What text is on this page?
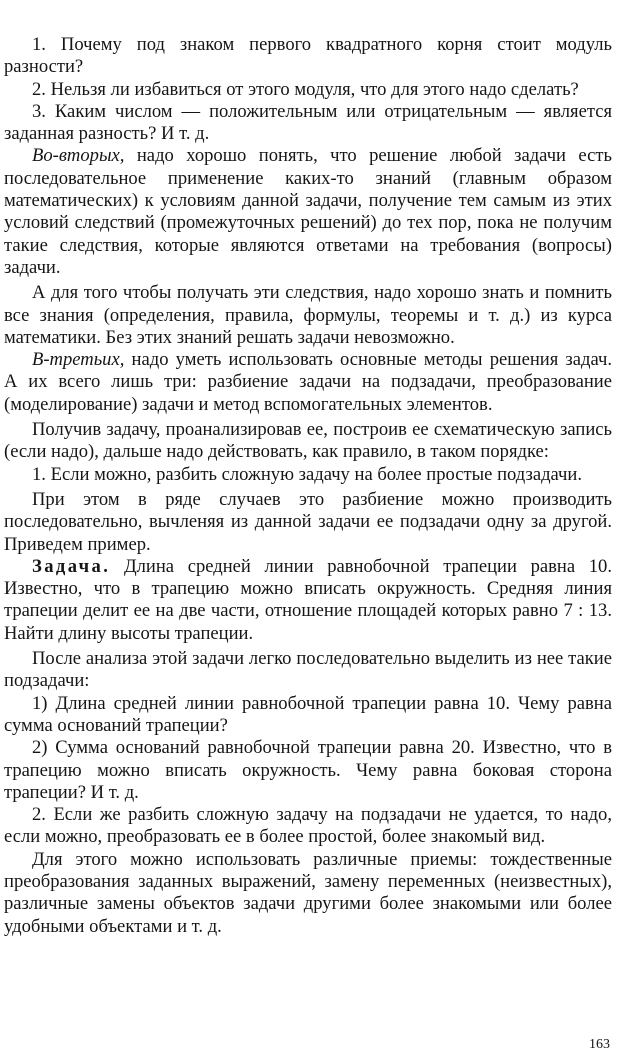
1. Почему под знаком первого квадратного корня стоит модуль разности?

2. Нельзя ли избавиться от этого модуля, что для этого надо сделать?

3. Каким числом — положительным или отрицательным — является заданная разность? И т. д.

Во-вторых, надо хорошо понять, что решение любой задачи есть последовательное применение каких-то знаний (главным образом математических) к условиям данной задачи, получение тем самым из этих условий следствий (промежуточных решений) до тех пор, пока не получим такие следствия, которые являются ответами на требования (вопросы) задачи.

А для того чтобы получать эти следствия, надо хорошо знать и помнить все знания (определения, правила, формулы, теоремы и т. д.) из курса математики. Без этих знаний решать задачи невозможно.

В-третьих, надо уметь использовать основные методы решения задач. А их всего лишь три: разбиение задачи на подзадачи, преобразование (моделирование) задачи и метод вспомогательных элементов.

Получив задачу, проанализировав ее, построив ее схематическую запись (если надо), дальше надо действовать, как правило, в таком порядке:

1. Если можно, разбить сложную задачу на более простые подзадачи.

При этом в ряде случаев это разбиение можно производить последовательно, вычленяя из данной задачи ее подзадачи одну за другой. Приведем пример.

Задача. Длина средней линии равнобочной трапеции равна 10. Известно, что в трапецию можно вписать окружность. Средняя линия трапеции делит ее на две части, отношение площадей которых равно 7 : 13. Найти длину высоты трапеции.

После анализа этой задачи легко последовательно выделить из нее такие подзадачи:

1) Длина средней линии равнобочной трапеции равна 10. Чему равна сумма оснований трапеции?

2) Сумма оснований равнобочной трапеции равна 20. Известно, что в трапецию можно вписать окружность. Чему равна боковая сторона трапеции? И т. д.

2. Если же разбить сложную задачу на подзадачи не удается, то надо, если можно, преобразовать ее в более простой, более знакомый вид.

Для этого можно использовать различные приемы: тождественные преобразования заданных выражений, замену переменных (неизвестных), различные замены объектов задачи другими более знакомыми или более удобными объектами и т. д.

163
